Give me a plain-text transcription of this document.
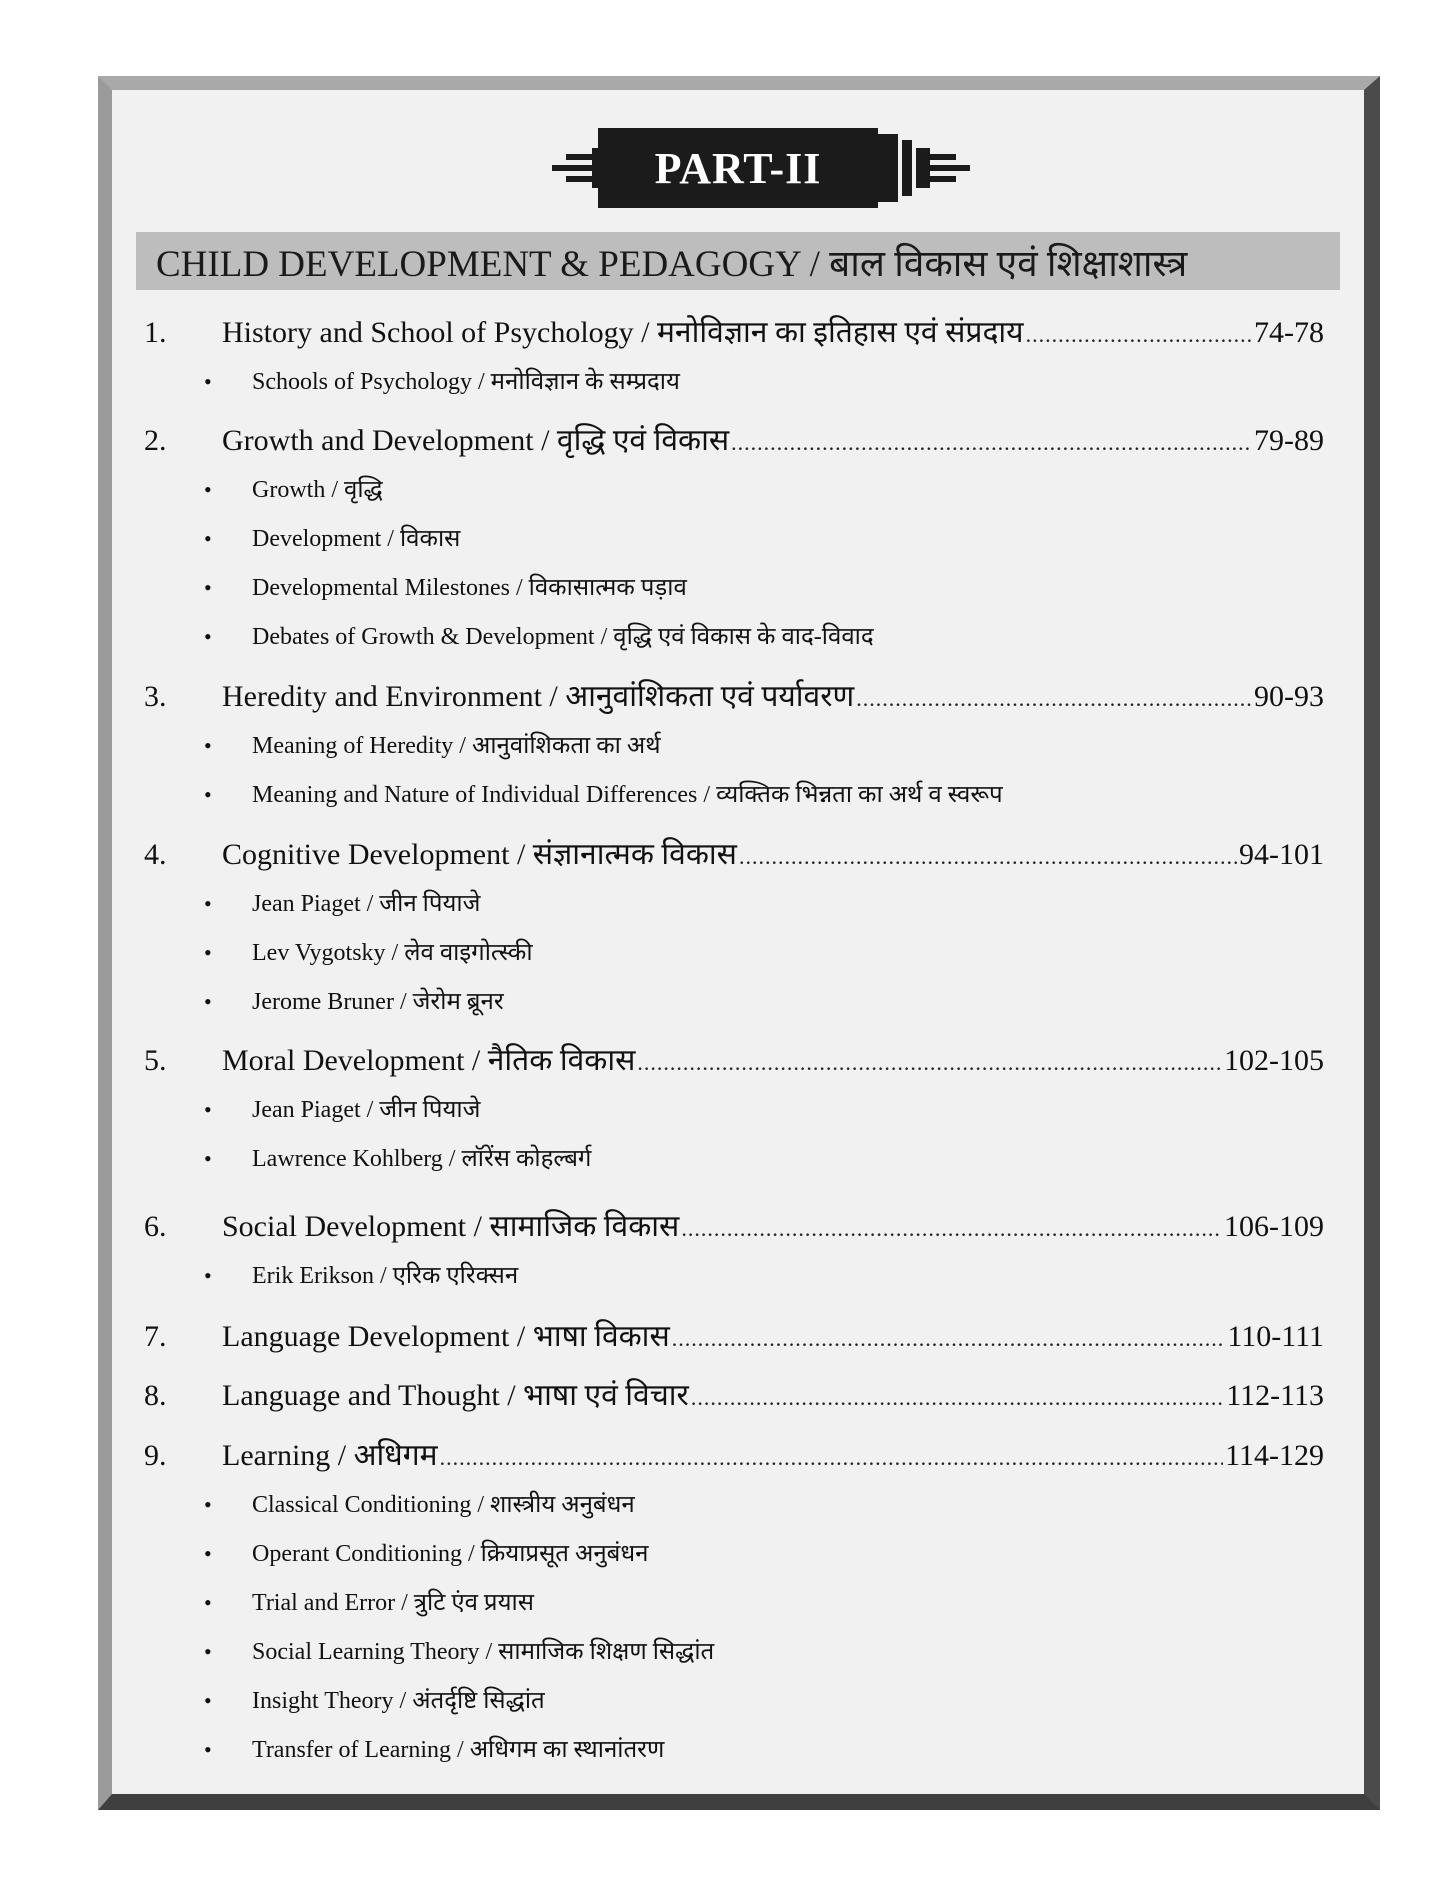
PART-II
CHILD DEVELOPMENT & PEDAGOGY / बाल विकास एवं शिक्षाशास्त्र
1.	History and School of Psychology / मनोविज्ञान का इतिहास एवं संप्रदाय .....	74-78
•	Schools of Psychology / मनोविज्ञान के सम्प्रदाय
2.	Growth and Development / वृद्धि एवं विकास .....	79-89
•	Growth / वृद्धि
•	Development / विकास
•	Developmental Milestones / विकासात्मक पड़ाव
•	Debates of Growth & Development / वृद्धि एवं विकास के वाद-विवाद
3.	Heredity and Environment / आनुवांशिकता एवं पर्यावरण .....	90-93
•	Meaning of Heredity / आनुवांशिकता का अर्थ
•	Meaning and Nature of Individual Differences / व्यक्तिक भिन्नता का अर्थ व स्वरूप
4.	Cognitive Development / संज्ञानात्मक विकास .....	94-101
•	Jean Piaget / जीन पियाजे
•	Lev Vygotsky / लेव वाइगोत्स्की
•	Jerome Bruner / जेरोम ब्रूनर
5.	Moral Development / नैतिक विकास .....	102-105
•	Jean Piaget / जीन पियाजे
•	Lawrence Kohlberg / लॉरेंस कोहल्बर्ग
6.	Social Development / सामाजिक विकास .....	106-109
•	Erik Erikson / एरिक एरिक्सन
7.	Language Development / भाषा विकास .....	110-111
8.	Language and Thought / भाषा एवं विचार .....	112-113
9.	Learning / अधिगम .....	114-129
•	Classical Conditioning / शास्त्रीय अनुबंधन
•	Operant Conditioning / क्रियाप्रसूत अनुबंधन
•	Trial and Error / त्रुटि एंव प्रयास
•	Social Learning Theory / सामाजिक शिक्षण सिद्धांत
•	Insight Theory / अंतर्दृष्टि सिद्धांत
•	Transfer of Learning / अधिगम का स्थानांतरण
